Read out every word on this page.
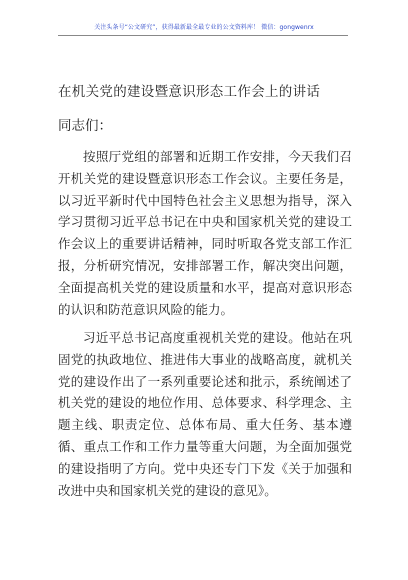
关注头条号“公文研究”，获得最新最全最专业的公文资料库！ 微信：gongwenrx
在机关党的建设暨意识形态工作会上的讲话
同志们：
按照厅党组的部署和近期工作安排，今天我们召开机关党的建设暨意识形态工作会议。主要任务是，以习近平新时代中国特色社会主义思想为指导，深入学习贯彻习近平总书记在中央和国家机关党的建设工作会议上的重要讲话精神，同时听取各党支部工作汇报，分析研究情况，安排部署工作，解决突出问题，全面提高机关党的建设质量和水平，提高对意识形态的认识和防范意识风险的能力。
习近平总书记高度重视机关党的建设。他站在巩固党的执政地位、推进伟大事业的战略高度，就机关党的建设作出了一系列重要论述和批示，系统阐述了机关党的建设的地位作用、总体要求、科学理念、主题主线、职责定位、总体布局、重大任务、基本遵循、重点工作和工作力量等重大问题，为全面加强党的建设指明了方向。党中央还专门下发《关于加强和改进中央和国家机关党的建设的意见》。
